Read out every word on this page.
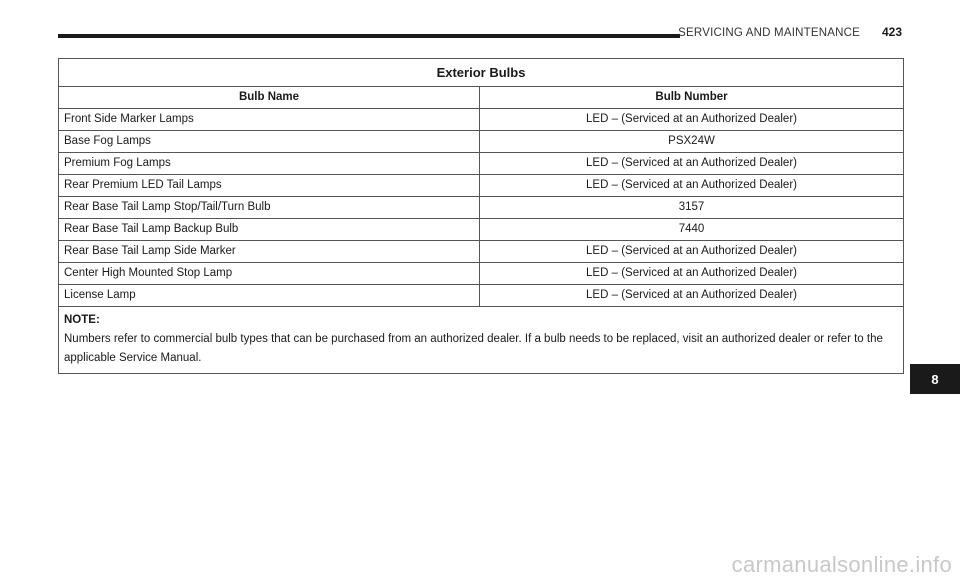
SERVICING AND MAINTENANCE 423
Exterior Bulbs	
Bulb Name	Bulb Number
Front Side Marker Lamps	LED – (Serviced at an Authorized Dealer)
Base Fog Lamps	PSX24W
Premium Fog Lamps	LED – (Serviced at an Authorized Dealer)
Rear Premium LED Tail Lamps	LED – (Serviced at an Authorized Dealer)
Rear Base Tail Lamp Stop/Tail/Turn Bulb	3157
Rear Base Tail Lamp Backup Bulb	7440
Rear Base Tail Lamp Side Marker	LED – (Serviced at an Authorized Dealer)
Center High Mounted Stop Lamp	LED – (Serviced at an Authorized Dealer)
License Lamp	LED – (Serviced at an Authorized Dealer)

NOTE:
Numbers refer to commercial bulb types that can be purchased from an authorized dealer. If a bulb needs to be replaced, visit an authorized dealer or refer to the applicable Service Manual.	
8
carmanualsonline.info
